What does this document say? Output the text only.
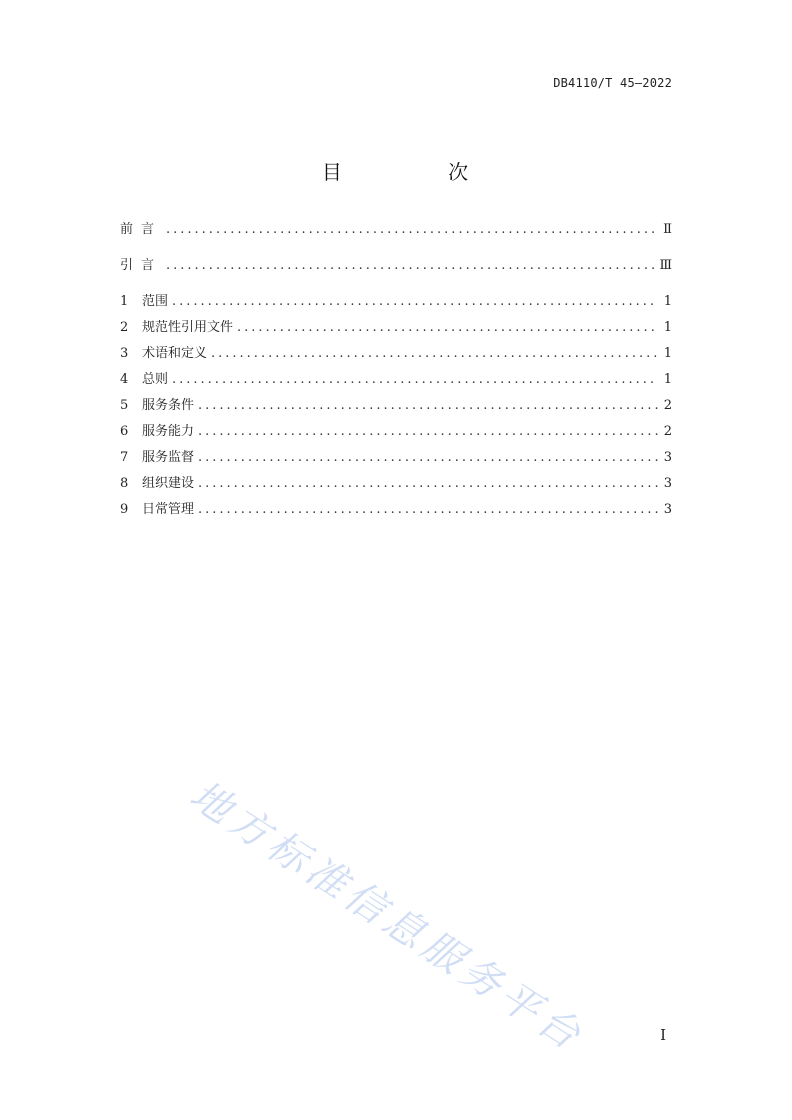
DB4110/T 45—2022
目	次
前言 .....	Ⅱ
引言 .....	Ⅲ
1	范围 .....	1
2	规范性引用文件 .....	1
3	术语和定义 .....	1
4	总则 .....	1
5	服务条件 .....	2
6	服务能力 .....	2
7	服务监督 .....	3
8	组织建设 .....	3
9	日常管理 .....	3
地方标准信息服务平台	I
